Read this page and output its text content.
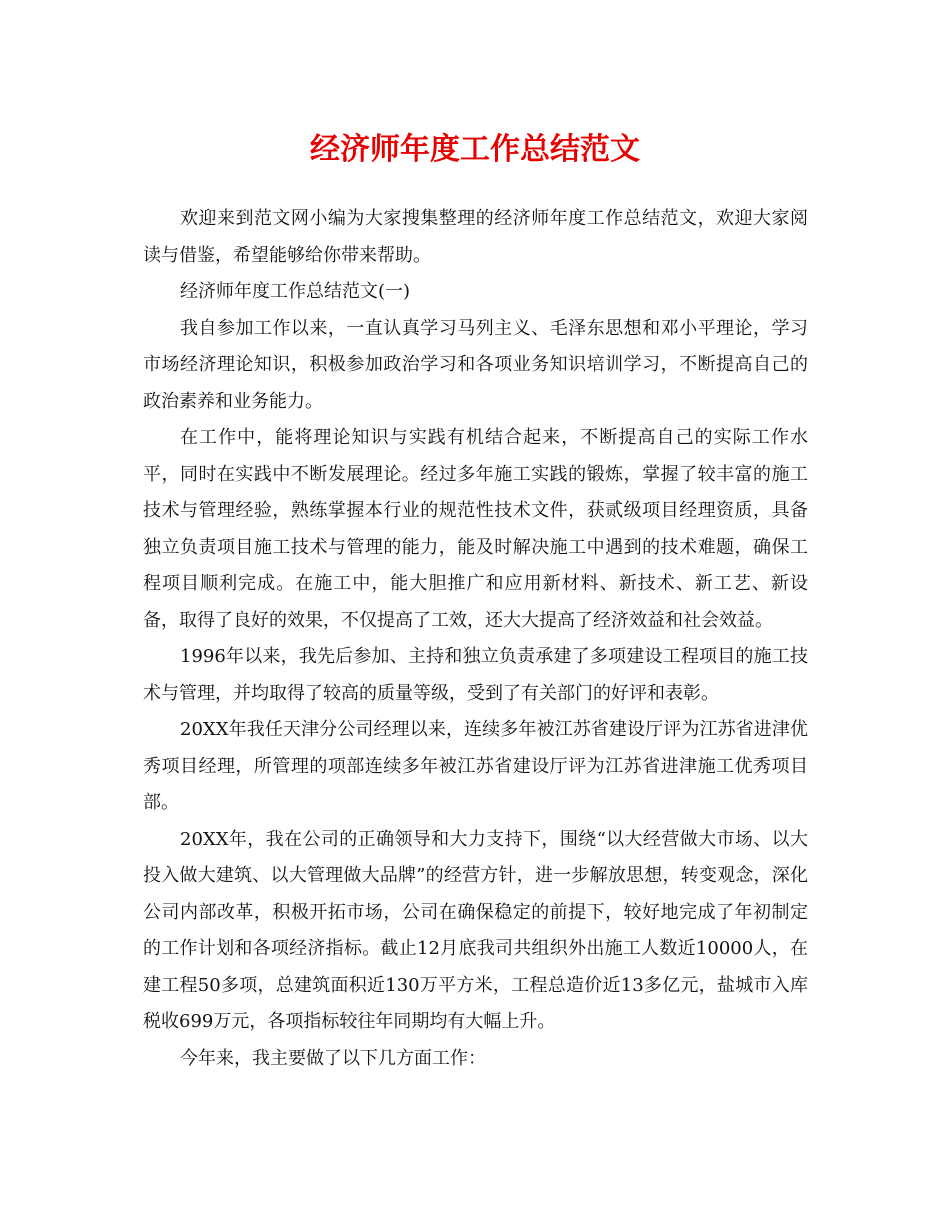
经济师年度工作总结范文

欢迎来到范文网小编为大家搜集整理的经济师年度工作总结范文，欢迎大家阅读与借鉴，希望能够给你带来帮助。

经济师年度工作总结范文(一)

我自参加工作以来，一直认真学习马列主义、毛泽东思想和邓小平理论，学习市场经济理论知识，积极参加政治学习和各项业务知识培训学习，不断提高自己的政治素养和业务能力。

在工作中，能将理论知识与实践有机结合起来，不断提高自己的实际工作水平，同时在实践中不断发展理论。经过多年施工实践的锻炼，掌握了较丰富的施工技术与管理经验，熟练掌握本行业的规范性技术文件，获贰级项目经理资质，具备独立负责项目施工技术与管理的能力，能及时解决施工中遇到的技术难题，确保工程项目顺利完成。在施工中，能大胆推广和应用新材料、新技术、新工艺、新设备，取得了良好的效果，不仅提高了工效，还大大提高了经济效益和社会效益。

1996年以来，我先后参加、主持和独立负责承建了多项建设工程项目的施工技术与管理，并均取得了较高的质量等级，受到了有关部门的好评和表彰。

20XX年我任天津分公司经理以来，连续多年被江苏省建设厅评为江苏省进津优秀项目经理，所管理的项部连续多年被江苏省建设厅评为江苏省进津施工优秀项目部。

20XX年，我在公司的正确领导和大力支持下，围绕“以大经营做大市场、以大投入做大建筑、以大管理做大品牌”的经营方针，进一步解放思想，转变观念，深化公司内部改革，积极开拓市场，公司在确保稳定的前提下，较好地完成了年初制定的工作计划和各项经济指标。截止12月底我司共组织外出施工人数近10000人，在建工程50多项，总建筑面积近130万平方米，工程总造价近13多亿元，盐城市入库税收699万元，各项指标较往年同期均有大幅上升。

今年来，我主要做了以下几方面工作：
